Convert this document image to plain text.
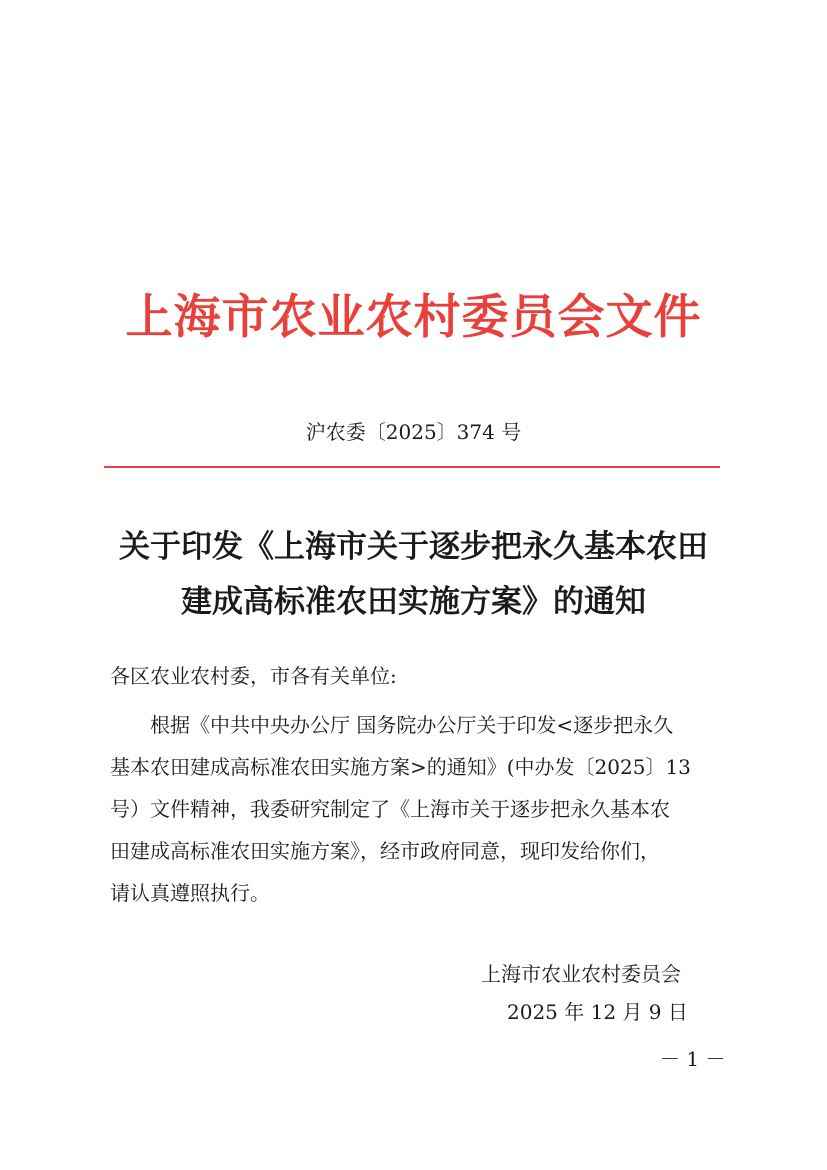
上海市农业农村委员会文件
沪农委〔2025〕374 号
关于印发《上海市关于逐步把永久基本农田
建成高标准农田实施方案》的通知
各区农业农村委，市各有关单位:
根据《中共中央办公厅 国务院办公厅关于印发<逐步把永久
基本农田建成高标准农田实施方案>的通知》(中办发〔2025〕13
号）文件精神，我委研究制定了《上海市关于逐步把永久基本农
田建成高标准农田实施方案》，经市政府同意，现印发给你们，
请认真遵照执行。
上海市农业农村委员会
2025 年 12 月 9 日
－ 1 －
